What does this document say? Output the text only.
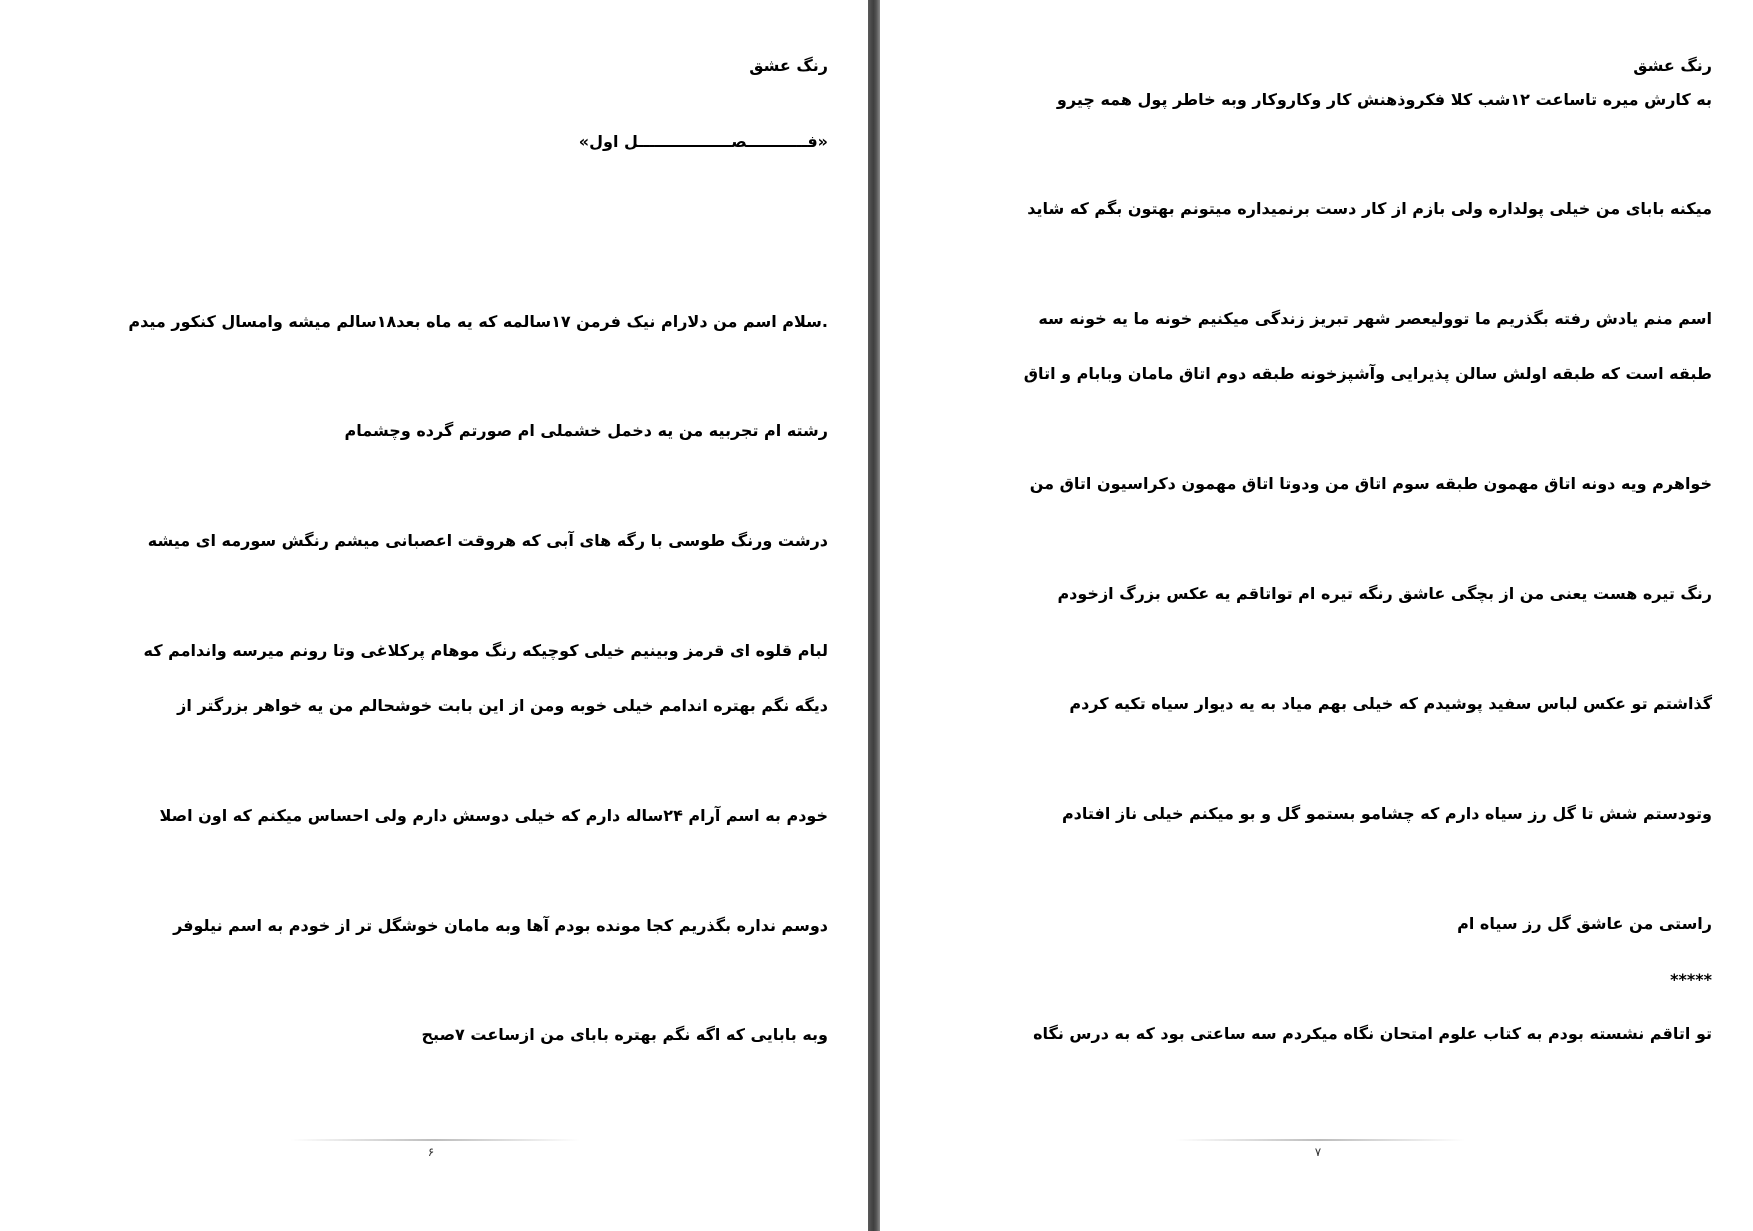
رنگ عشق
«فـــــــــــصـــــــــــــــــل اول»
.سلام اسم من دلارام نیک فرمن ۱۷سالمه که یه ماه بعد۱۸سالم میشه وامسال کنکور میدم
رشته ام تجربیه من یه دخمل خشملی ام صورتم گرده وچشمام
درشت ورنگ طوسی با رگه های آبی که هروقت اعصبانی میشم رنگش سورمه ای میشه
لبام قلوه ای قرمز وبینیم خیلی کوچیکه رنگ موهام پرکلاغی وتا رونم میرسه واندامم که
دیگه نگم بهتره اندامم خیلی خوبه ومن از این بابت خوشحالم من یه خواهر بزرگتر از
خودم به اسم آرام ۲۴ساله دارم که خیلی دوسش دارم ولی احساس میکنم که اون اصلا
دوسم نداره بگذریم کجا مونده بودم آها وبه مامان خوشگل تر از خودم به اسم نیلوفر
وبه بابایی که اگه نگم بهتره بابای من ازساعت ۷صبح
۶
رنگ عشق
به کارش میره تاساعت ۱۲شب کلا فکروذهنش کار وکاروکار وبه خاطر پول همه چیرو
میکنه بابای من خیلی پولداره ولی بازم از کار دست برنمیداره میتونم بهتون بگم که شاید
اسم منم یادش رفته بگذریم ما توولیعصر شهر تبریز زندگی میکنیم خونه ما یه خونه سه
طبقه است که طبقه اولش سالن پذیرایی وآشپزخونه طبقه دوم اتاق مامان وبابام و اتاق
خواهرم ویه دونه اتاق مهمون طبقه سوم اتاق من ودوتا اتاق مهمون دکراسیون اتاق من
رنگ تیره هست یعنی من از بچگی عاشق رنگه تیره ام تواتاقم یه عکس بزرگ ازخودم
گذاشتم تو عکس لباس سفید پوشیدم که خیلی بهم میاد به یه دیوار سیاه تکیه کردم
وتودستم شش تا گل رز سیاه دارم که چشامو بستمو گل و بو میکنم خیلی ناز افتادم
راستی من عاشق گل رز سیاه ام
*****
تو اتاقم نشسته بودم به کتاب علوم امتحان نگاه میکردم سه ساعتی بود که به درس نگاه
۷
